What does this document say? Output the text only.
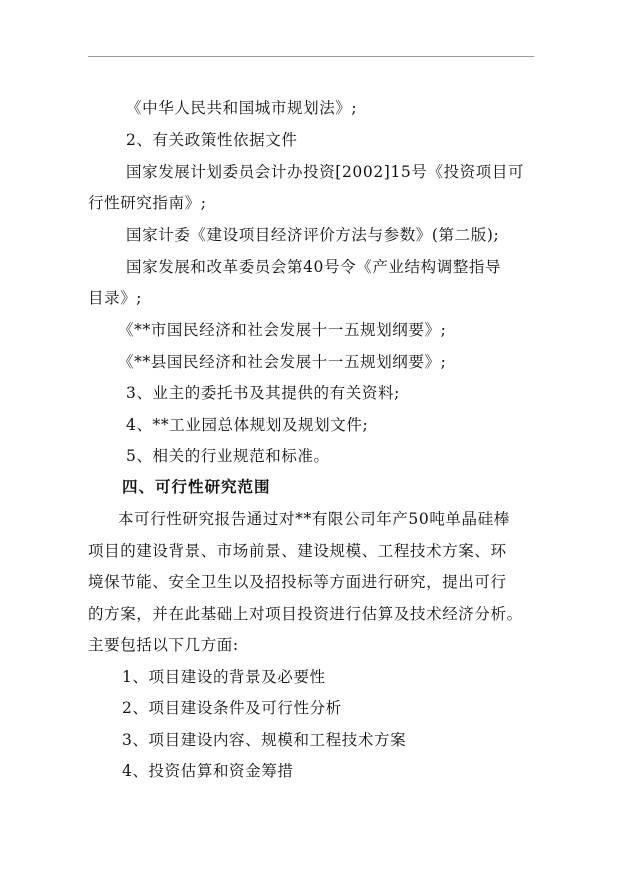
《中华人民共和国城市规划法》;
2、有关政策性依据文件
国家发展计划委员会计办投资[2002]15号《投资项目可
行性研究指南》;
国家计委《建设项目经济评价方法与参数》(第二版);
国家发展和改革委员会第40号令《产业结构调整指导
目录》;
《**市国民经济和社会发展十一五规划纲要》;
《**县国民经济和社会发展十一五规划纲要》;
3、业主的委托书及其提供的有关资料;
4、**工业园总体规划及规划文件;
5、相关的行业规范和标准。
四、可行性研究范围
本可行性研究报告通过对**有限公司年产50吨单晶硅棒
项目的建设背景、市场前景、建设规模、工程技术方案、环
境保节能、安全卫生以及招投标等方面进行研究，提出可行
的方案，并在此基础上对项目投资进行估算及技术经济分析。
主要包括以下几方面:
1、项目建设的背景及必要性
2、项目建设条件及可行性分析
3、项目建设内容、规模和工程技术方案
4、投资估算和资金筹措
